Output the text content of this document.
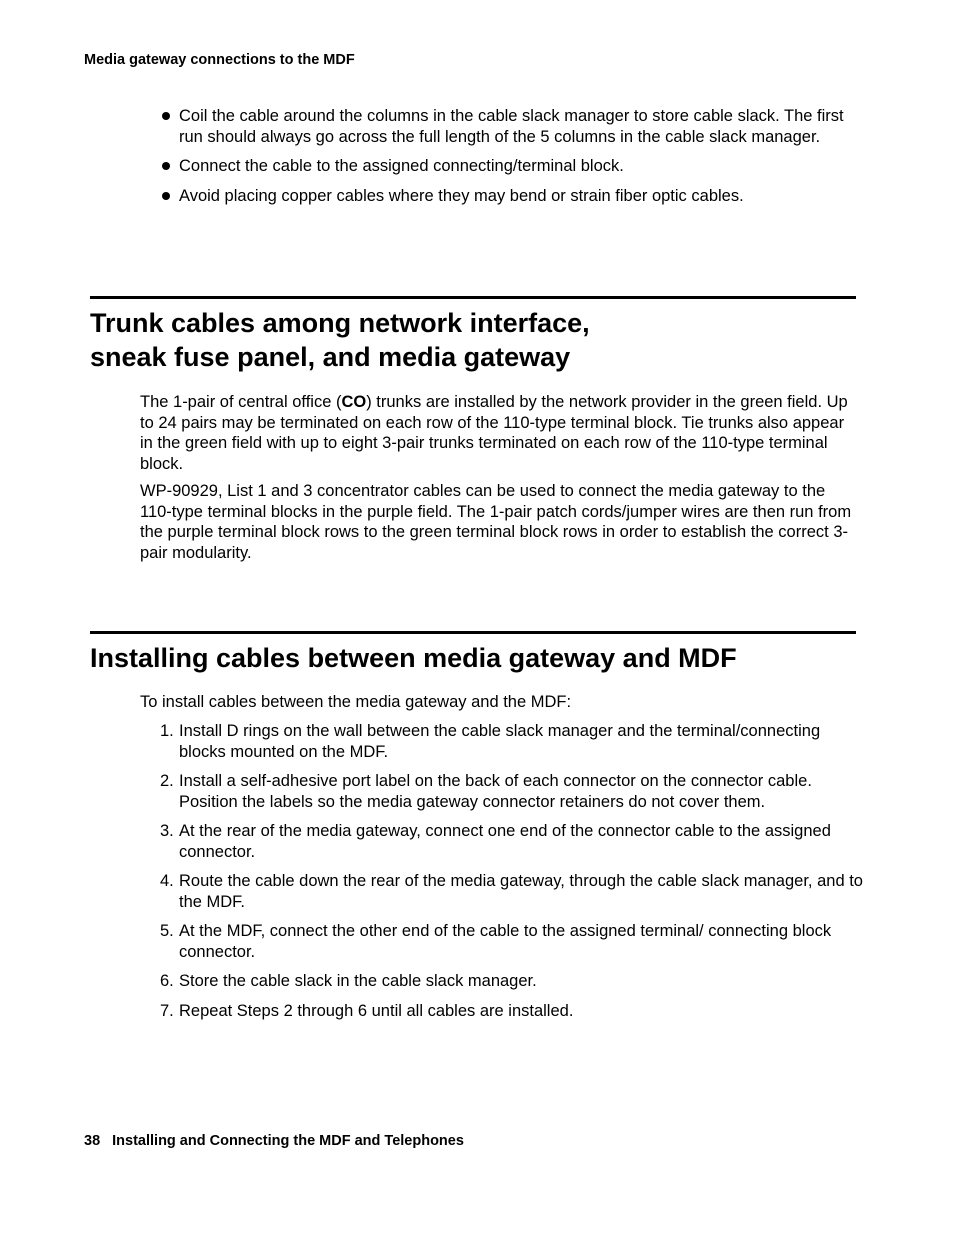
Media gateway connections to the MDF
Coil the cable around the columns in the cable slack manager to store cable slack. The first run should always go across the full length of the 5 columns in the cable slack manager.
Connect the cable to the assigned connecting/terminal block.
Avoid placing copper cables where they may bend or strain fiber optic cables.
Trunk cables among network interface,
sneak fuse panel, and media gateway

The 1-pair of central office (CO) trunks are installed by the network provider in the green field. Up to 24 pairs may be terminated on each row of the 110-type terminal block. Tie trunks also appear in the green field with up to eight 3-pair trunks terminated on each row of the 110-type terminal block.

WP-90929, List 1 and 3 concentrator cables can be used to connect the media gateway to the 110-type terminal blocks in the purple field. The 1-pair patch cords/jumper wires are then run from the purple terminal block rows to the green terminal block rows in order to establish the correct 3-pair modularity.

Installing cables between media gateway and MDF

To install cables between the media gateway and the MDF:

1. Install D rings on the wall between the cable slack manager and the terminal/connecting blocks mounted on the MDF.
2. Install a self-adhesive port label on the back of each connector on the connector cable. Position the labels so the media gateway connector retainers do not cover them.
3. At the rear of the media gateway, connect one end of the connector cable to the assigned connector.
4. Route the cable down the rear of the media gateway, through the cable slack manager, and to the MDF.
5. At the MDF, connect the other end of the cable to the assigned terminal/ connecting block connector.
6. Store the cable slack in the cable slack manager.
7. Repeat Steps 2 through 6 until all cables are installed.
38 Installing and Connecting the MDF and Telephones
